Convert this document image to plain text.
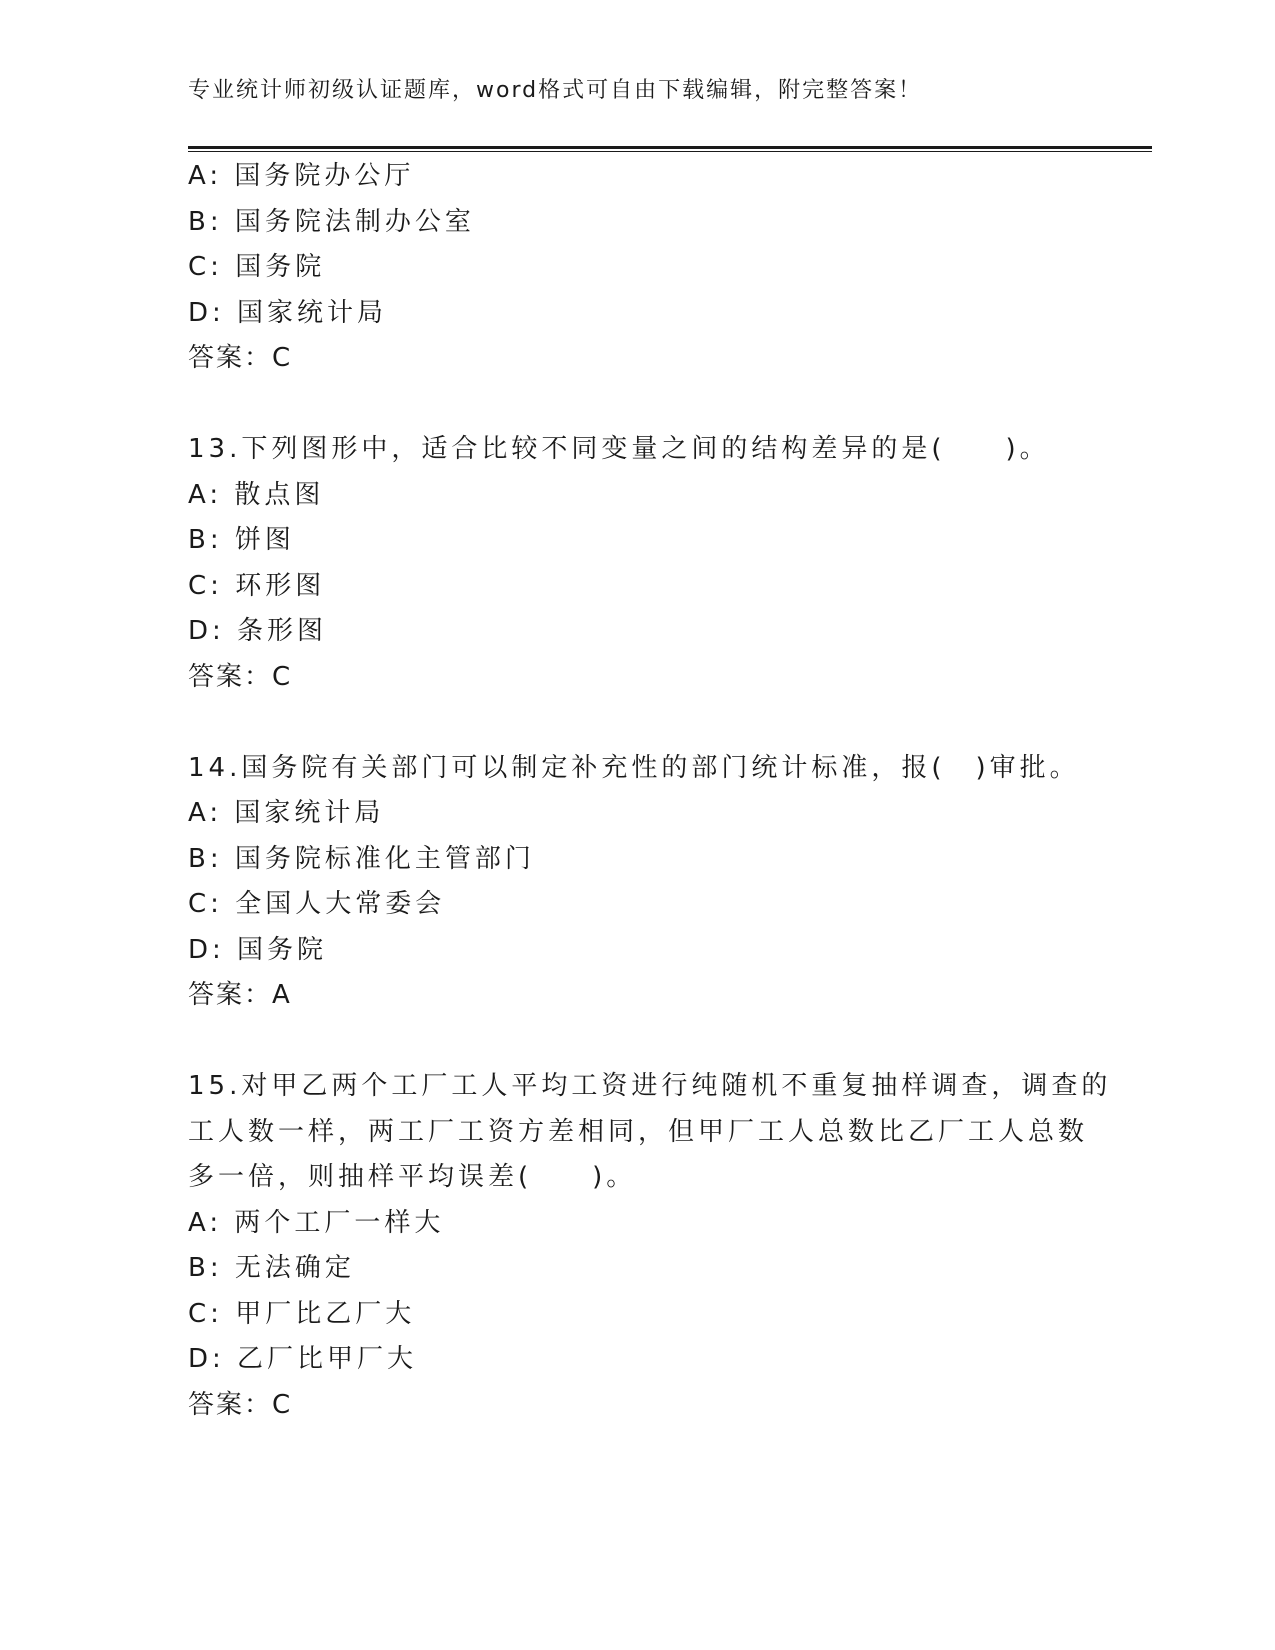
专业统计师初级认证题库，word格式可自由下载编辑，附完整答案！
A: 国务院办公厅
B: 国务院法制办公室
C: 国务院
D: 国家统计局
答案：C
13.下列图形中，适合比较不同变量之间的结构差异的是(　　)。
A: 散点图
B: 饼图
C: 环形图
D: 条形图
答案：C
14.国务院有关部门可以制定补充性的部门统计标准，报(　)审批。
A: 国家统计局
B: 国务院标准化主管部门
C: 全国人大常委会
D: 国务院
答案：A
15.对甲乙两个工厂工人平均工资进行纯随机不重复抽样调查，调查的
工人数一样，两工厂工资方差相同，但甲厂工人总数比乙厂工人总数
多一倍，则抽样平均误差(　　)。
A: 两个工厂一样大
B: 无法确定
C: 甲厂比乙厂大
D: 乙厂比甲厂大
答案：C
